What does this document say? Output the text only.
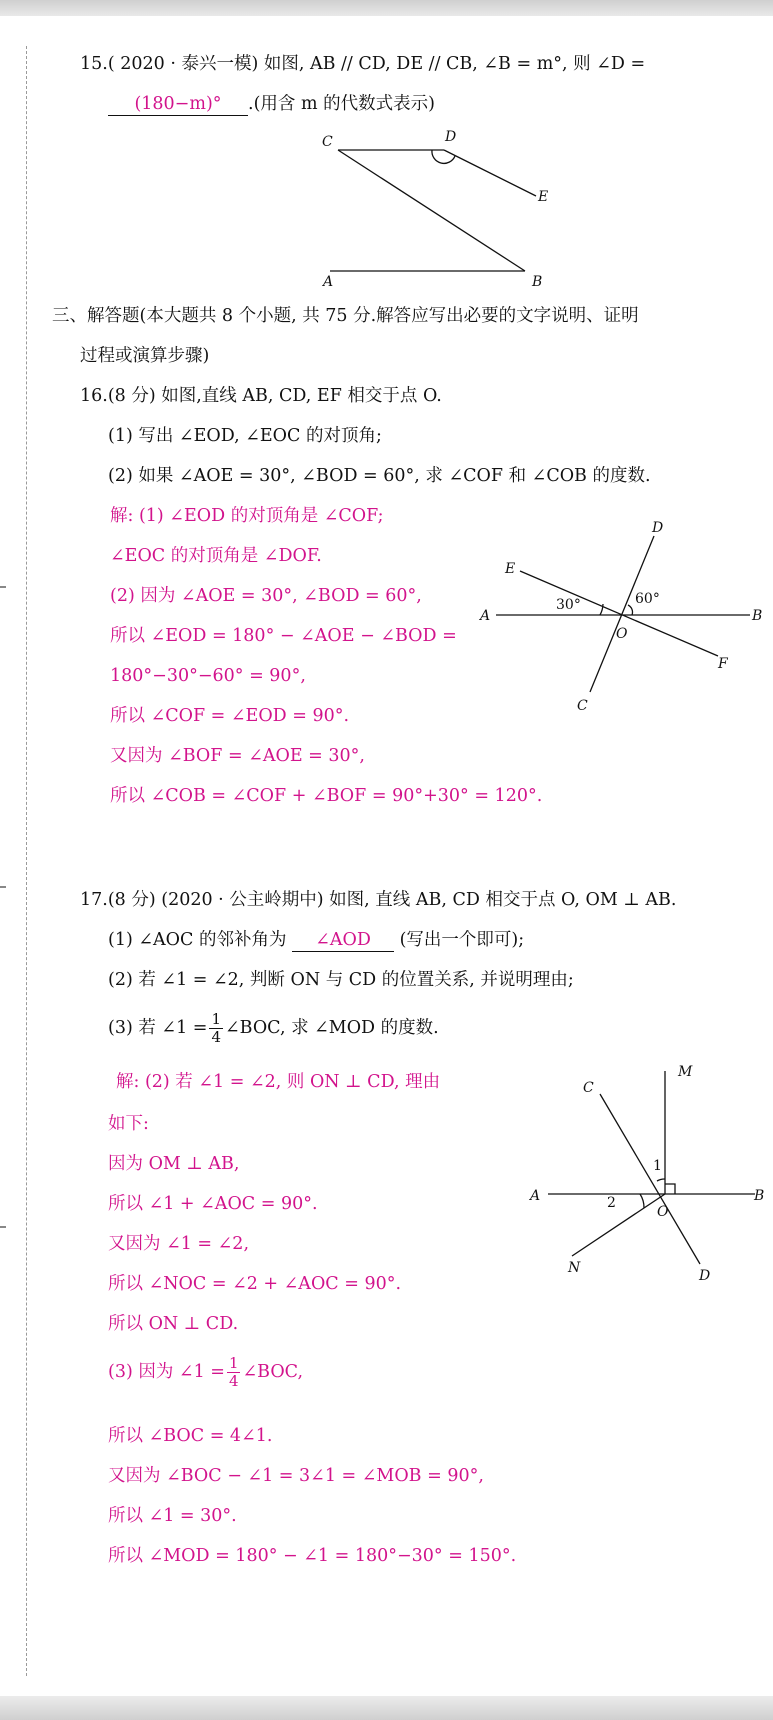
15.( 2020 · 泰兴一模) 如图, AB // CD, DE // CB, ∠B = m°, 则 ∠D =
(180−m)° .(用含 m 的代数式表示)
C	D
E
A	B
三、解答题(本大题共 8 个小题, 共 75 分.解答应写出必要的文字说明、证明
过程或演算步骤)
16.(8 分) 如图,直线 AB, CD, EF 相交于点 O.
(1) 写出 ∠EOD, ∠EOC 的对顶角;
(2) 如果 ∠AOE = 30°, ∠BOD = 60°, 求 ∠COF 和 ∠COB 的度数.
解: (1) ∠EOD 的对顶角是 ∠COF;
∠EOC 的对顶角是 ∠DOF.
(2) 因为 ∠AOE = 30°, ∠BOD = 60°,
所以 ∠EOD = 180° − ∠AOE − ∠BOD =
180°−30°−60° = 90°,
所以 ∠COF = ∠EOD = 90°.
又因为 ∠BOF = ∠AOE = 30°,
所以 ∠COB = ∠COF + ∠BOF = 90°+30° = 120°.
A	B
C
D
E
F
O
30°	60°
17.(8 分) (2020 · 公主岭期中) 如图, 直线 AB, CD 相交于点 O, OM ⊥ AB.
(1) ∠AOC 的邻补角为 ∠AOD (写出一个即可);
(2) 若 ∠1 = ∠2, 判断 ON 与 CD 的位置关系, 并说明理由;
(3) 若 ∠1 = $\frac{1}{4}$ ∠BOC, 求 ∠MOD 的度数.
解: (2) 若 ∠1 = ∠2, 则 ON ⊥ CD, 理由
如下:
因为 OM ⊥ AB,
所以 ∠1 + ∠AOC = 90°.
又因为 ∠1 = ∠2,
所以 ∠NOC = ∠2 + ∠AOC = 90°.
所以 ON ⊥ CD.
(3) 因为 ∠1 = $\frac{1}{4}$ ∠BOC,
所以 ∠BOC = 4∠1.
又因为 ∠BOC − ∠1 = 3∠1 = ∠MOB = 90°,
所以 ∠1 = 30°.
所以 ∠MOD = 180° − ∠1 = 180°−30° = 150°.
A	B
C
D
M
N
O
1
2
